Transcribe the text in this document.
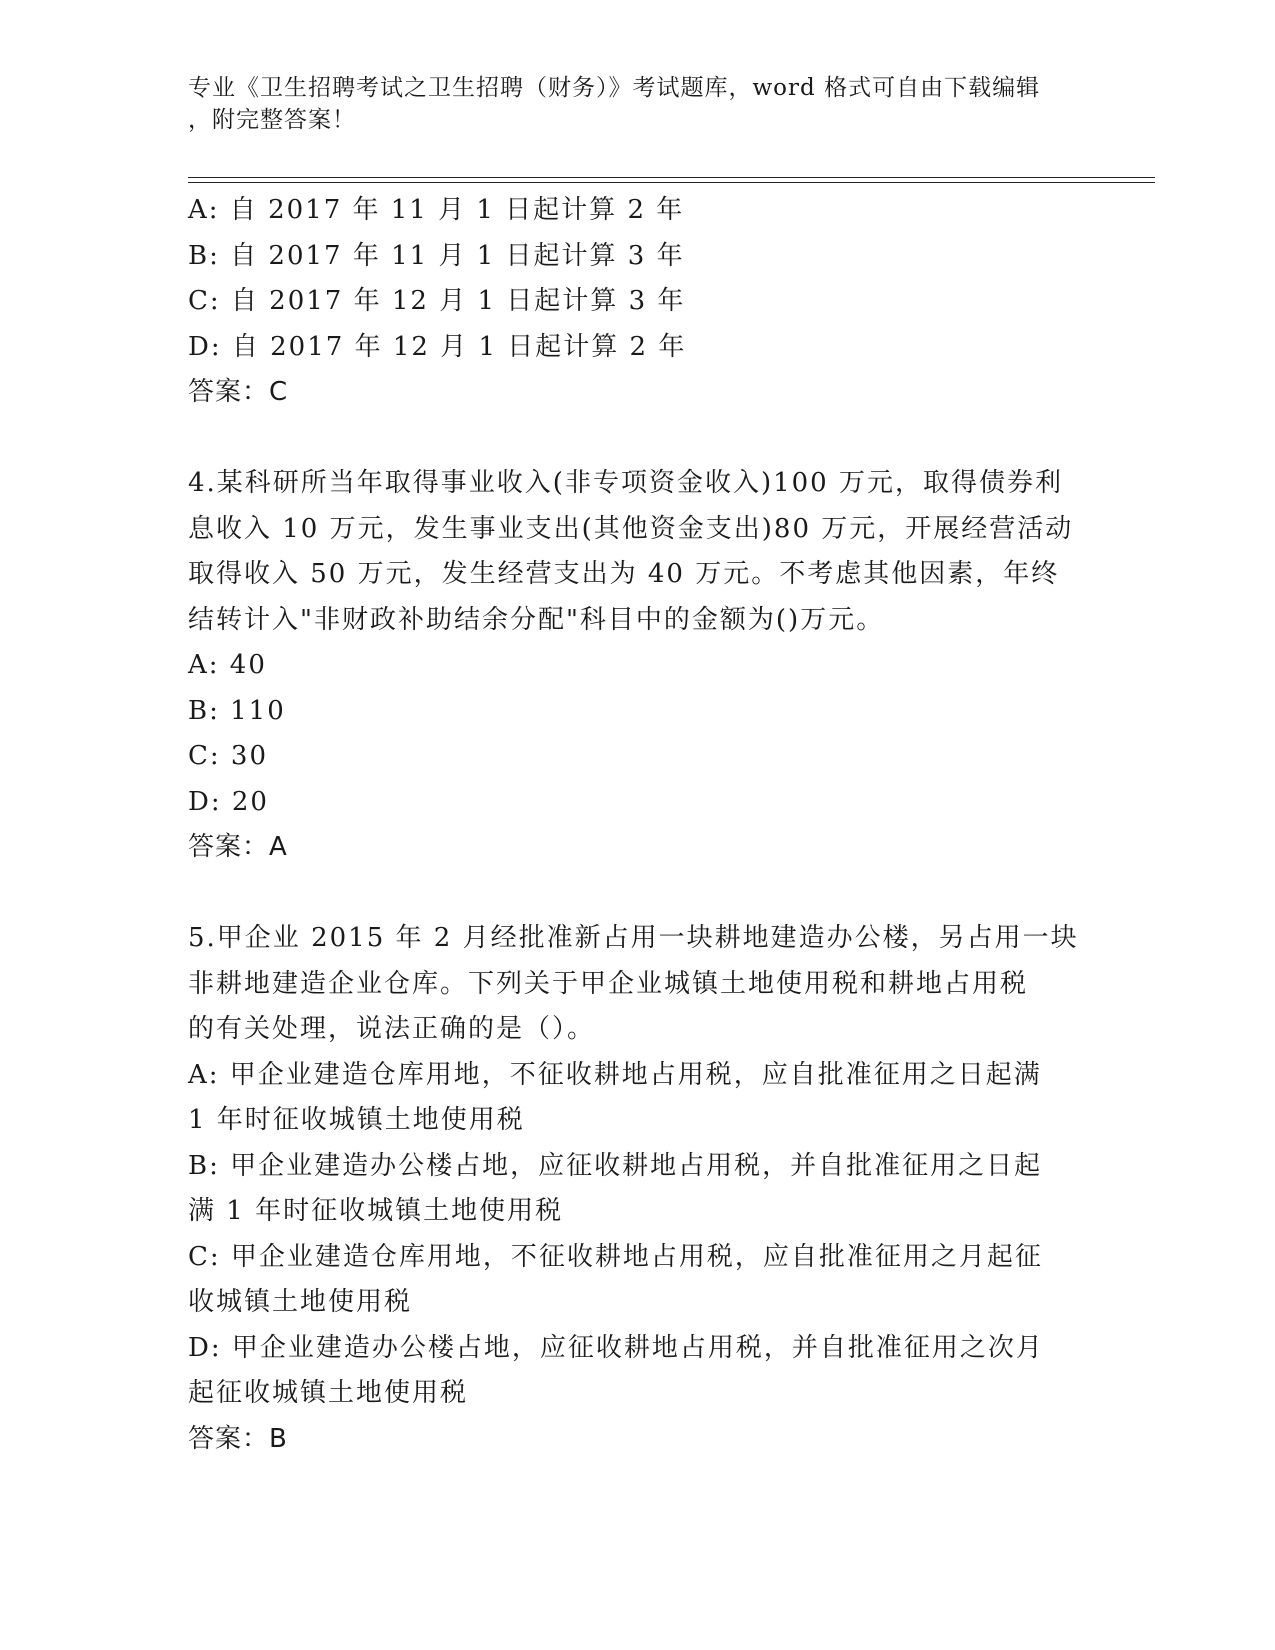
专业《卫生招聘考试之卫生招聘（财务）》考试题库，word 格式可自由下载编辑
，附完整答案！
A: 自 2017 年 11 月 1 日起计算 2 年
B: 自 2017 年 11 月 1 日起计算 3 年
C: 自 2017 年 12 月 1 日起计算 3 年
D: 自 2017 年 12 月 1 日起计算 2 年
答案：C
4.某科研所当年取得事业收入(非专项资金收入)100 万元，取得债券利
息收入 10 万元，发生事业支出(其他资金支出)80 万元，开展经营活动
取得收入 50 万元，发生经营支出为 40 万元。不考虑其他因素，年终
结转计入"非财政补助结余分配"科目中的金额为()万元。
A: 40
B: 110
C: 30
D: 20
答案：A
5.甲企业 2015 年 2 月经批准新占用一块耕地建造办公楼，另占用一块
非耕地建造企业仓库。下列关于甲企业城镇土地使用税和耕地占用税
的有关处理，说法正确的是（）。
A: 甲企业建造仓库用地，不征收耕地占用税，应自批准征用之日起满
1 年时征收城镇土地使用税
B: 甲企业建造办公楼占地，应征收耕地占用税，并自批准征用之日起
满 1 年时征收城镇土地使用税
C: 甲企业建造仓库用地，不征收耕地占用税，应自批准征用之月起征
收城镇土地使用税
D: 甲企业建造办公楼占地，应征收耕地占用税，并自批准征用之次月
起征收城镇土地使用税
答案：B
